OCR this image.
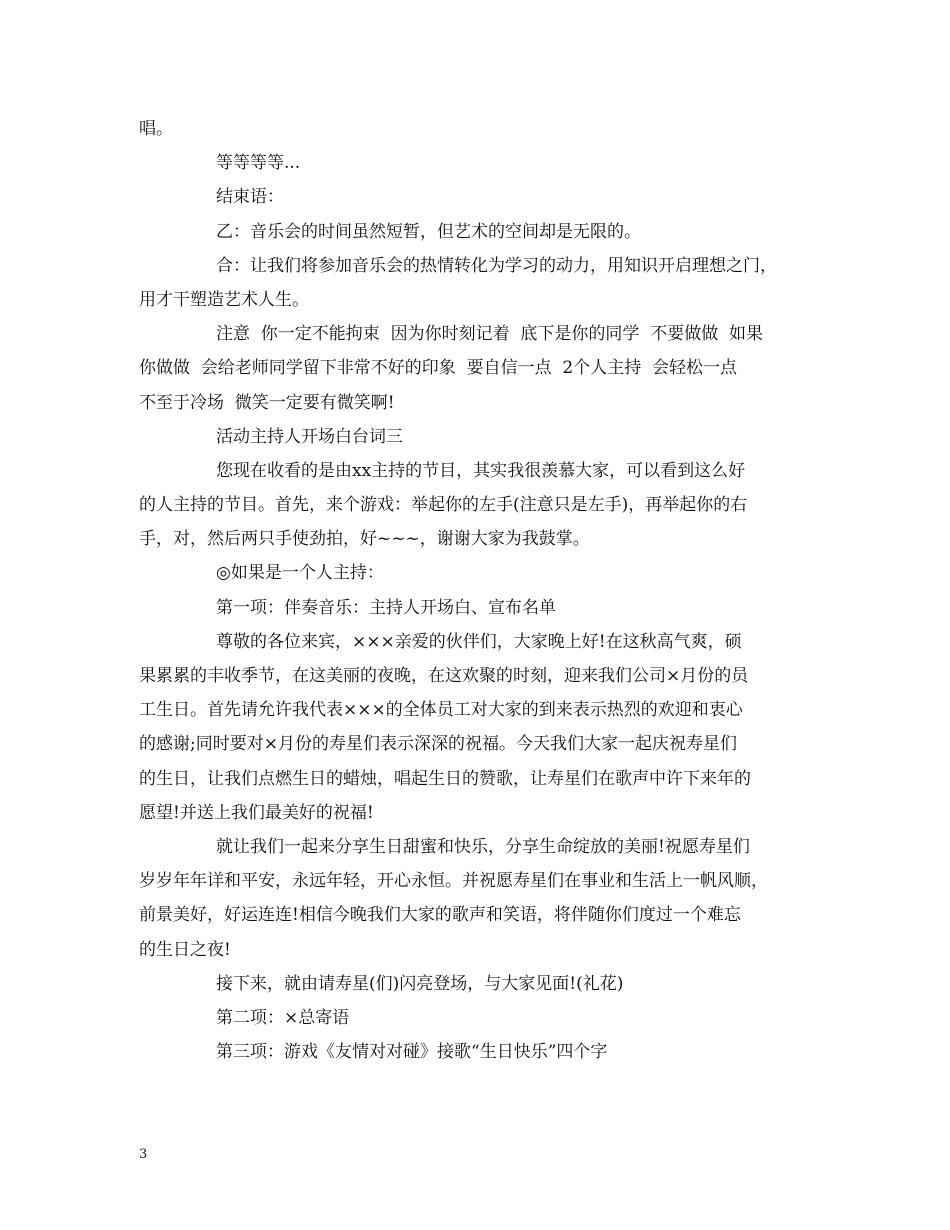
唱。
等等等等...
结束语：
乙：音乐会的时间虽然短暂，但艺术的空间却是无限的。
合：让我们将参加音乐会的热情转化为学习的动力，用知识开启理想之门，
用才干塑造艺术人生。
注意  你一定不能拘束  因为你时刻记着  底下是你的同学  不要做做  如果
你做做  会给老师同学留下非常不好的印象  要自信一点  2个人主持  会轻松一点
不至于冷场  微笑一定要有微笑啊!
活动主持人开场白台词三
您现在收看的是由xx主持的节目，其实我很羡慕大家，可以看到这么好
的人主持的节目。首先，来个游戏：举起你的左手(注意只是左手)，再举起你的右
手，对，然后两只手使劲拍，好~~~，谢谢大家为我鼓掌。
◎如果是一个人主持：
第一项：伴奏音乐：主持人开场白、宣布名单
尊敬的各位来宾，×××亲爱的伙伴们，大家晚上好!在这秋高气爽，硕
果累累的丰收季节，在这美丽的夜晚，在这欢聚的时刻，迎来我们公司×月份的员
工生日。首先请允许我代表×××的全体员工对大家的到来表示热烈的欢迎和衷心
的感谢;同时要对×月份的寿星们表示深深的祝福。今天我们大家一起庆祝寿星们
的生日，让我们点燃生日的蜡烛，唱起生日的赞歌，让寿星们在歌声中许下来年的
愿望!并送上我们最美好的祝福!
就让我们一起来分享生日甜蜜和快乐，分享生命绽放的美丽!祝愿寿星们
岁岁年年详和平安，永远年轻，开心永恒。并祝愿寿星们在事业和生活上一帆风顺，
前景美好，好运连连!相信今晚我们大家的歌声和笑语，将伴随你们度过一个难忘
的生日之夜!
接下来，就由请寿星(们)闪亮登场，与大家见面!(礼花)
第二项：×总寄语
第三项：游戏《友情对对碰》接歌“生日快乐”四个字
3
